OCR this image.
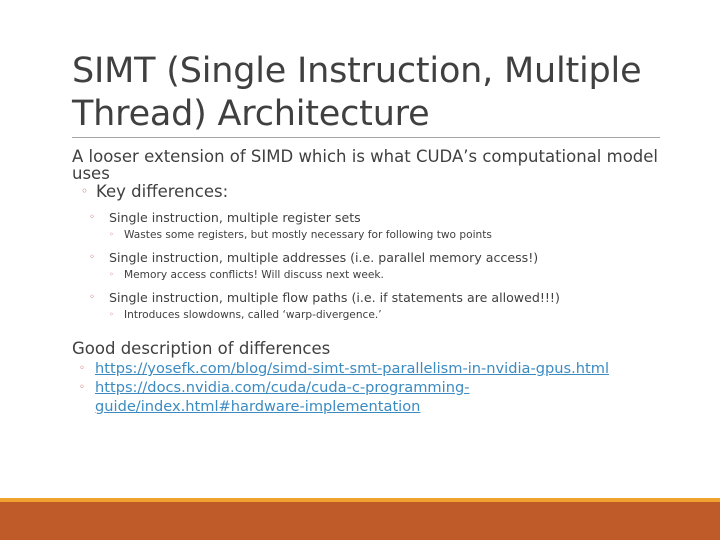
SIMT (Single Instruction, Multiple Thread) Architecture

A looser extension of SIMD which is what CUDA’s computational model uses

◦ Key differences:

◦ Single instruction, multiple register sets

◦ Wastes some registers, but mostly necessary for following two points

◦ Single instruction, multiple addresses (i.e. parallel memory access!)

◦ Memory access conflicts! Will discuss next week.

◦ Single instruction, multiple flow paths (i.e. if statements are allowed!!!)

◦ Introduces slowdowns, called ‘warp-divergence.’

Good description of differences

◦ https://yosefk.com/blog/simd-simt-smt-parallelism-in-nvidia-gpus.html

◦ https://docs.nvidia.com/cuda/cuda-c-programming-guide/index.html#hardware-implementation
